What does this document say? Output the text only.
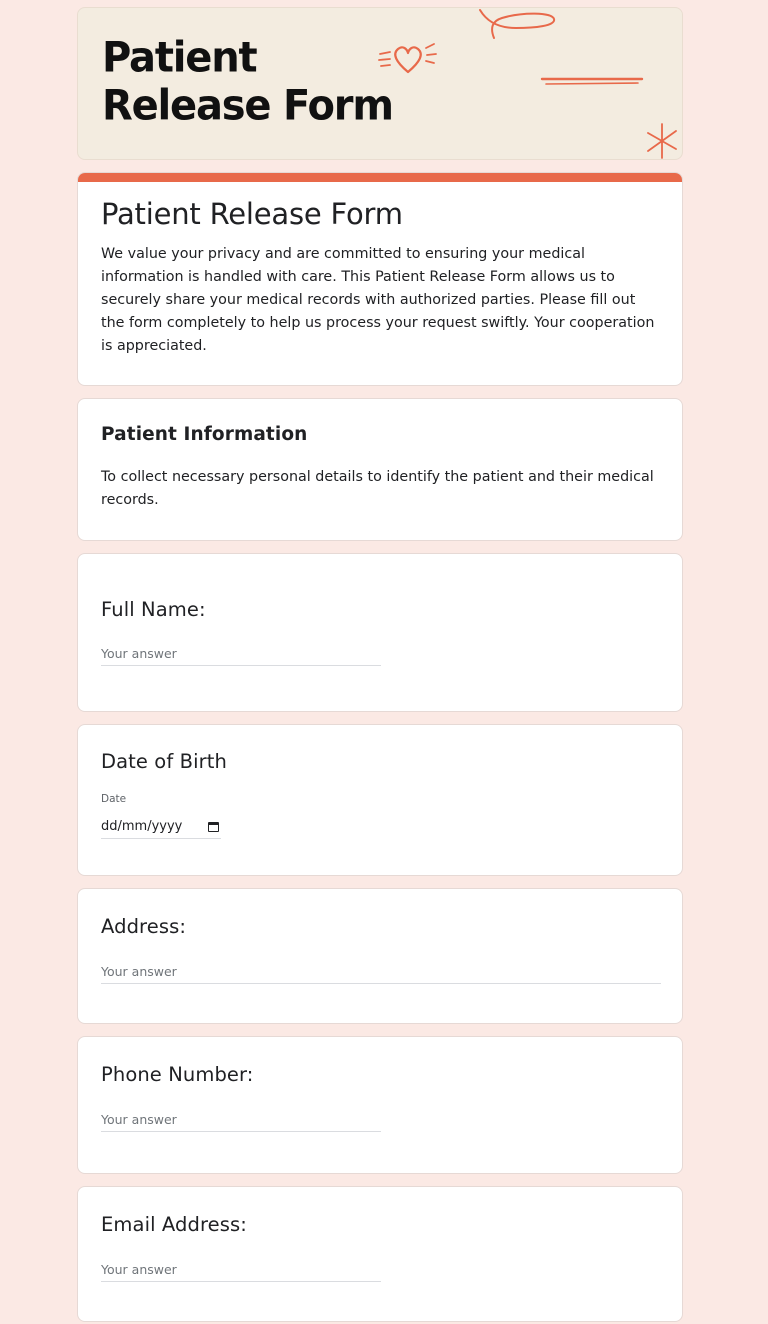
Patient
Release Form
Patient Release Form
We value your privacy and are committed to ensuring your medical information is handled with care. This Patient Release Form allows us to securely share your medical records with authorized parties. Please fill out the form completely to help us process your request swiftly. Your cooperation is appreciated.
Patient Information
To collect necessary personal details to identify the patient and their medical records.
Full Name:
Your answer
Date of Birth
Date
dd/mm/yyyy
Address:
Your answer
Phone Number:
Your answer
Email Address:
Your answer
